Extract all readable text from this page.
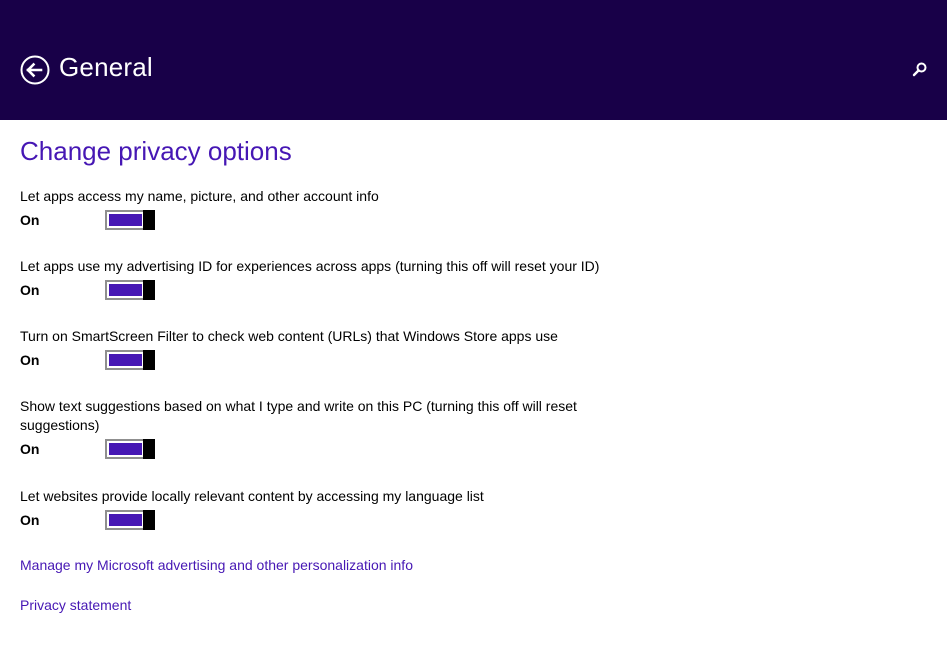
General
Change privacy options
Let apps access my name, picture, and other account info
On
Let apps use my advertising ID for experiences across apps (turning this off will reset your ID)
On
Turn on SmartScreen Filter to check web content (URLs) that Windows Store apps use
On
Show text suggestions based on what I type and write on this PC (turning this off will reset suggestions)
On
Let websites provide locally relevant content by accessing my language list
On
Manage my Microsoft advertising and other personalization info
Privacy statement
